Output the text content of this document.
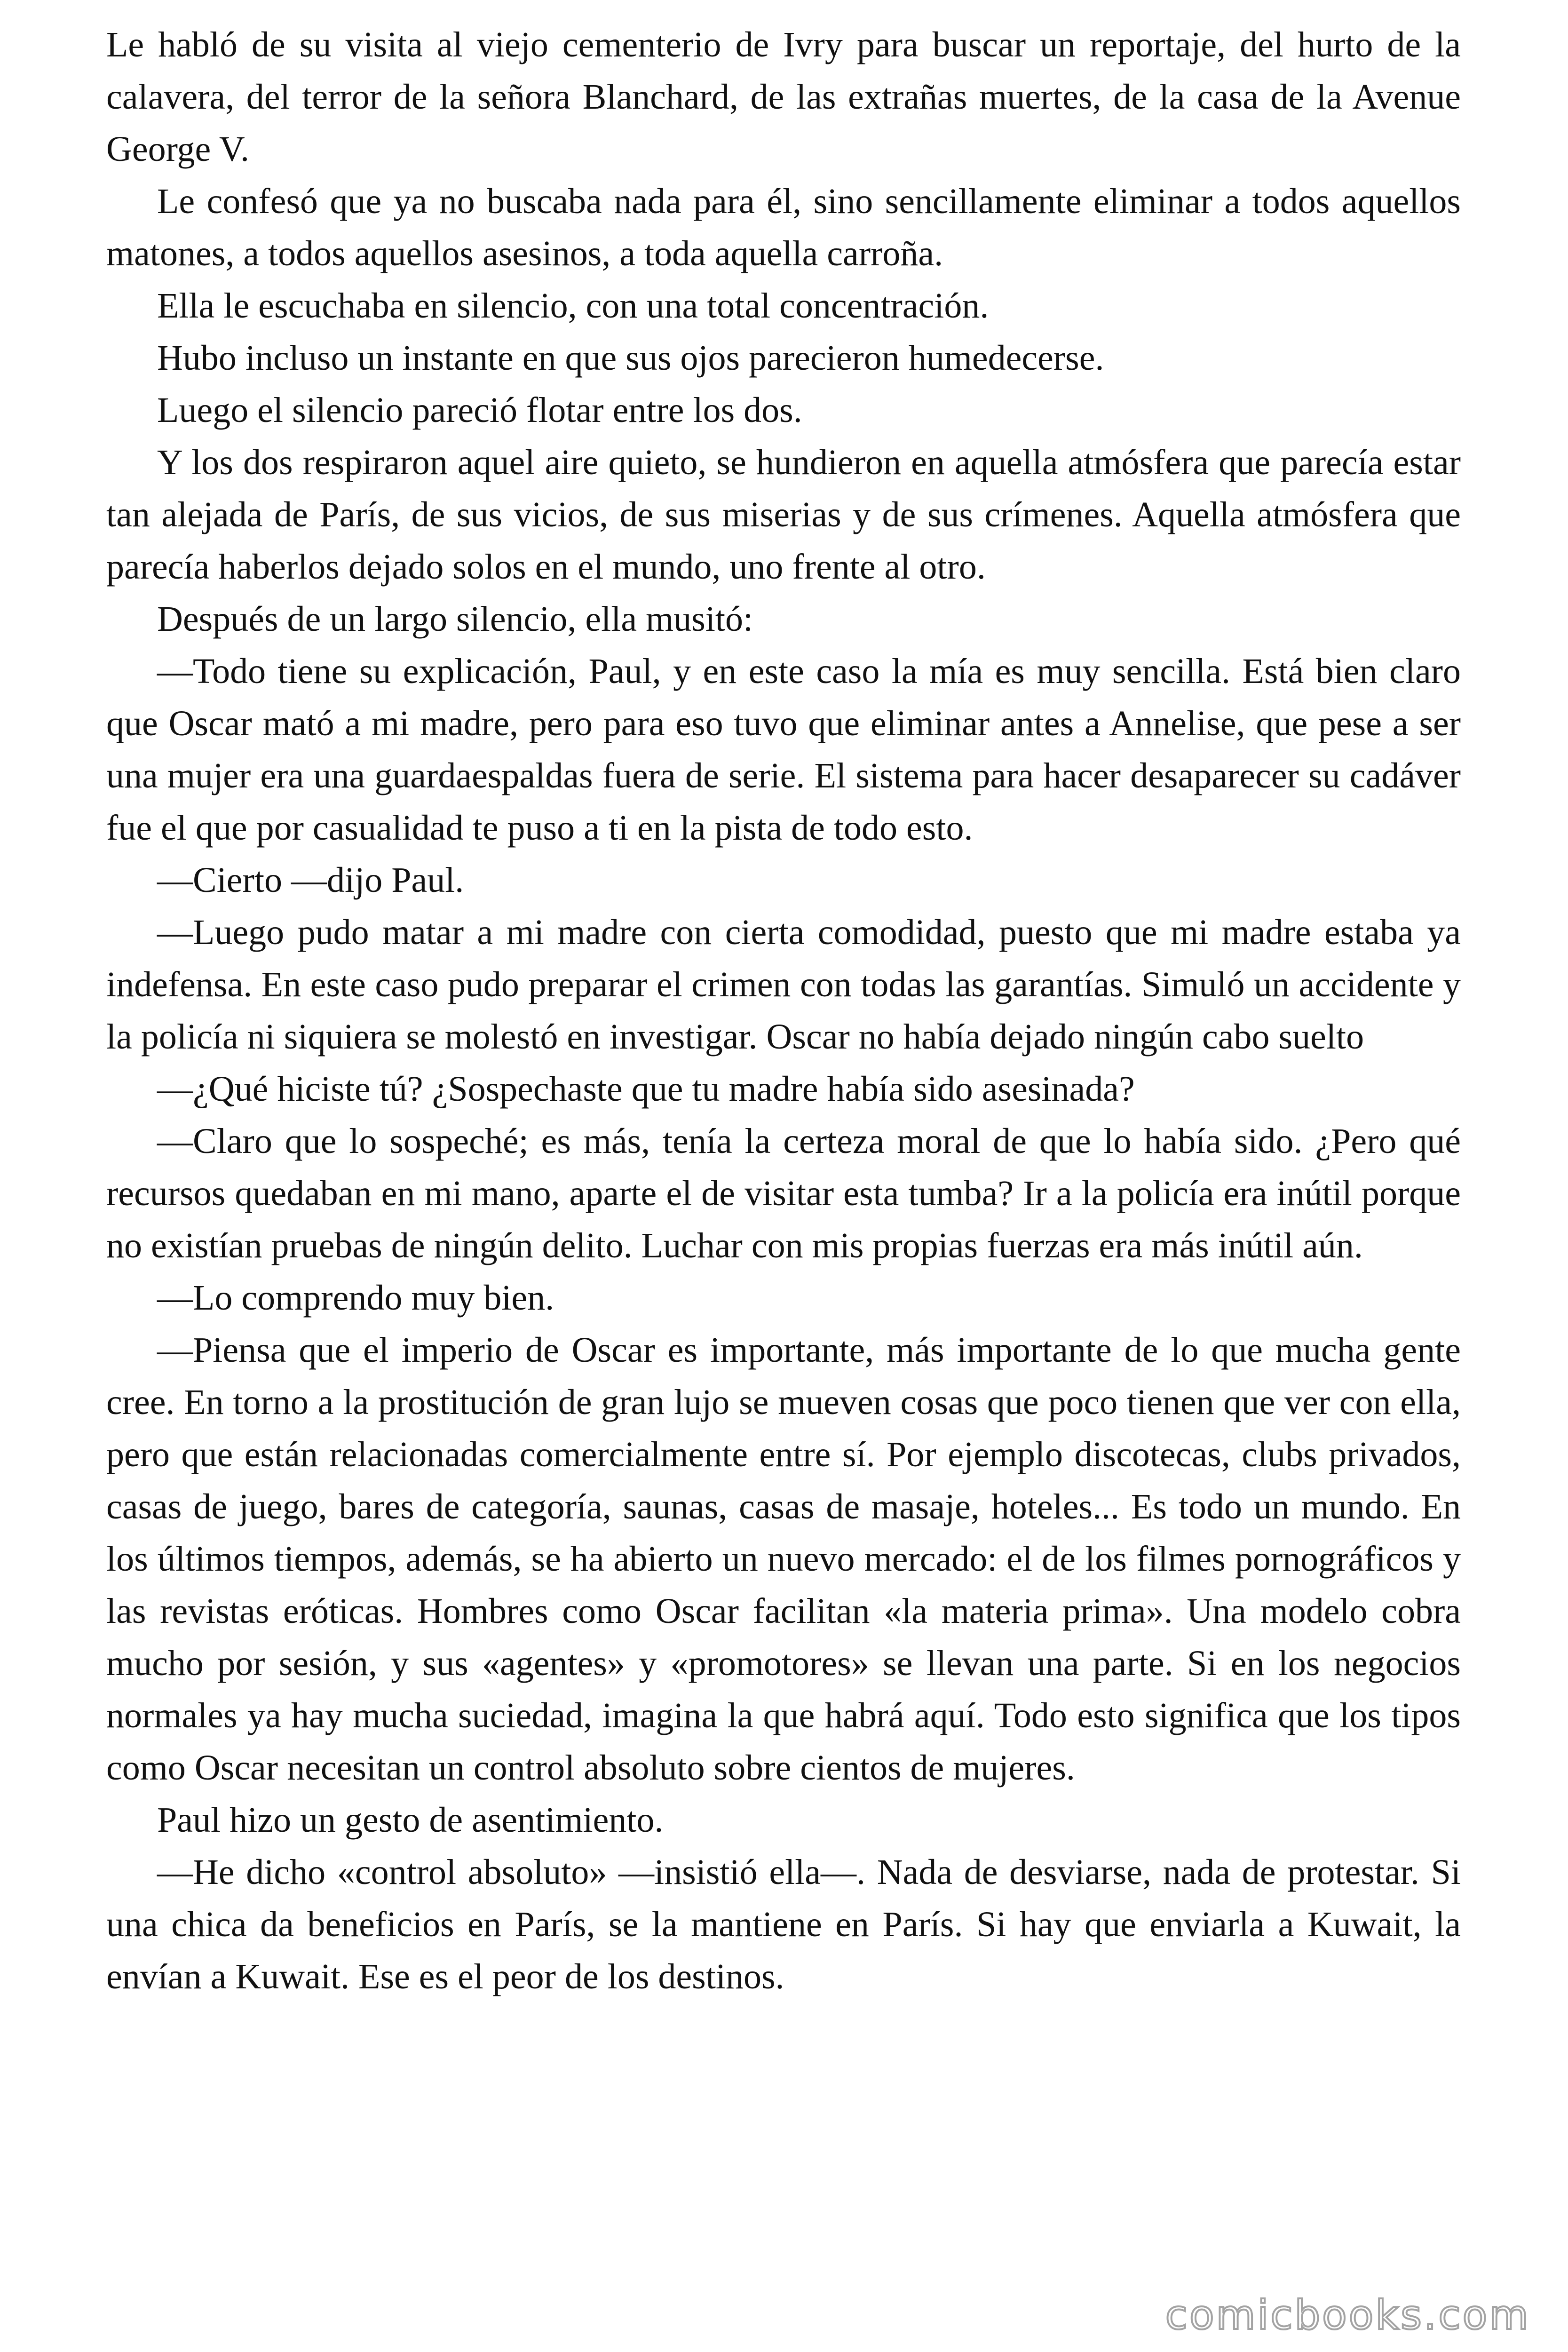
Le habló de su visita al viejo cementerio de Ivry para buscar un reportaje, del hurto de la calavera, del terror de la señora Blanchard, de las extrañas muertes, de la casa de la Avenue George V.

Le confesó que ya no buscaba nada para él, sino sencillamente eliminar a todos aquellos matones, a todos aquellos asesinos, a toda aquella carroña.

Ella le escuchaba en silencio, con una total concentración.

Hubo incluso un instante en que sus ojos parecieron humedecerse.

Luego el silencio pareció flotar entre los dos.

Y los dos respiraron aquel aire quieto, se hundieron en aquella atmósfera que parecía estar tan alejada de París, de sus vicios, de sus miserias y de sus crímenes. Aquella atmósfera que parecía haberlos dejado solos en el mundo, uno frente al otro.

Después de un largo silencio, ella musitó:

—Todo tiene su explicación, Paul, y en este caso la mía es muy sencilla. Está bien claro que Oscar mató a mi madre, pero para eso tuvo que eliminar antes a Annelise, que pese a ser una mujer era una guardaespaldas fuera de serie. El sistema para hacer desaparecer su cadáver fue el que por casualidad te puso a ti en la pista de todo esto.

—Cierto —dijo Paul.

—Luego pudo matar a mi madre con cierta comodidad, puesto que mi madre estaba ya indefensa. En este caso pudo preparar el crimen con todas las garantías. Simuló un accidente y la policía ni siquiera se molestó en investigar. Oscar no había dejado ningún cabo suelto

—¿Qué hiciste tú? ¿Sospechaste que tu madre había sido asesinada?

—Claro que lo sospeché; es más, tenía la certeza moral de que lo había sido. ¿Pero qué recursos quedaban en mi mano, aparte el de visitar esta tumba? Ir a la policía era inútil porque no existían pruebas de ningún delito. Luchar con mis propias fuerzas era más inútil aún.

—Lo comprendo muy bien.

—Piensa que el imperio de Oscar es importante, más importante de lo que mucha gente cree. En torno a la prostitución de gran lujo se mueven cosas que poco tienen que ver con ella, pero que están relacionadas comercialmente entre sí. Por ejemplo discotecas, clubs privados, casas de juego, bares de categoría, saunas, casas de masaje, hoteles... Es todo un mundo. En los últimos tiempos, además, se ha abierto un nuevo mercado: el de los filmes pornográficos y las revistas eróticas. Hombres como Oscar facilitan «la materia prima». Una modelo cobra mucho por sesión, y sus «agentes» y «promotores» se llevan una parte. Si en los negocios normales ya hay mucha suciedad, imagina la que habrá aquí. Todo esto significa que los tipos como Oscar necesitan un control absoluto sobre cientos de mujeres.

Paul hizo un gesto de asentimiento.

—He dicho «control absoluto» —insistió ella—. Nada de desviarse, nada de protestar. Si una chica da beneficios en París, se la mantiene en París. Si hay que enviarla a Kuwait, la envían a Kuwait. Ese es el peor de los destinos.

comicbooks.com
